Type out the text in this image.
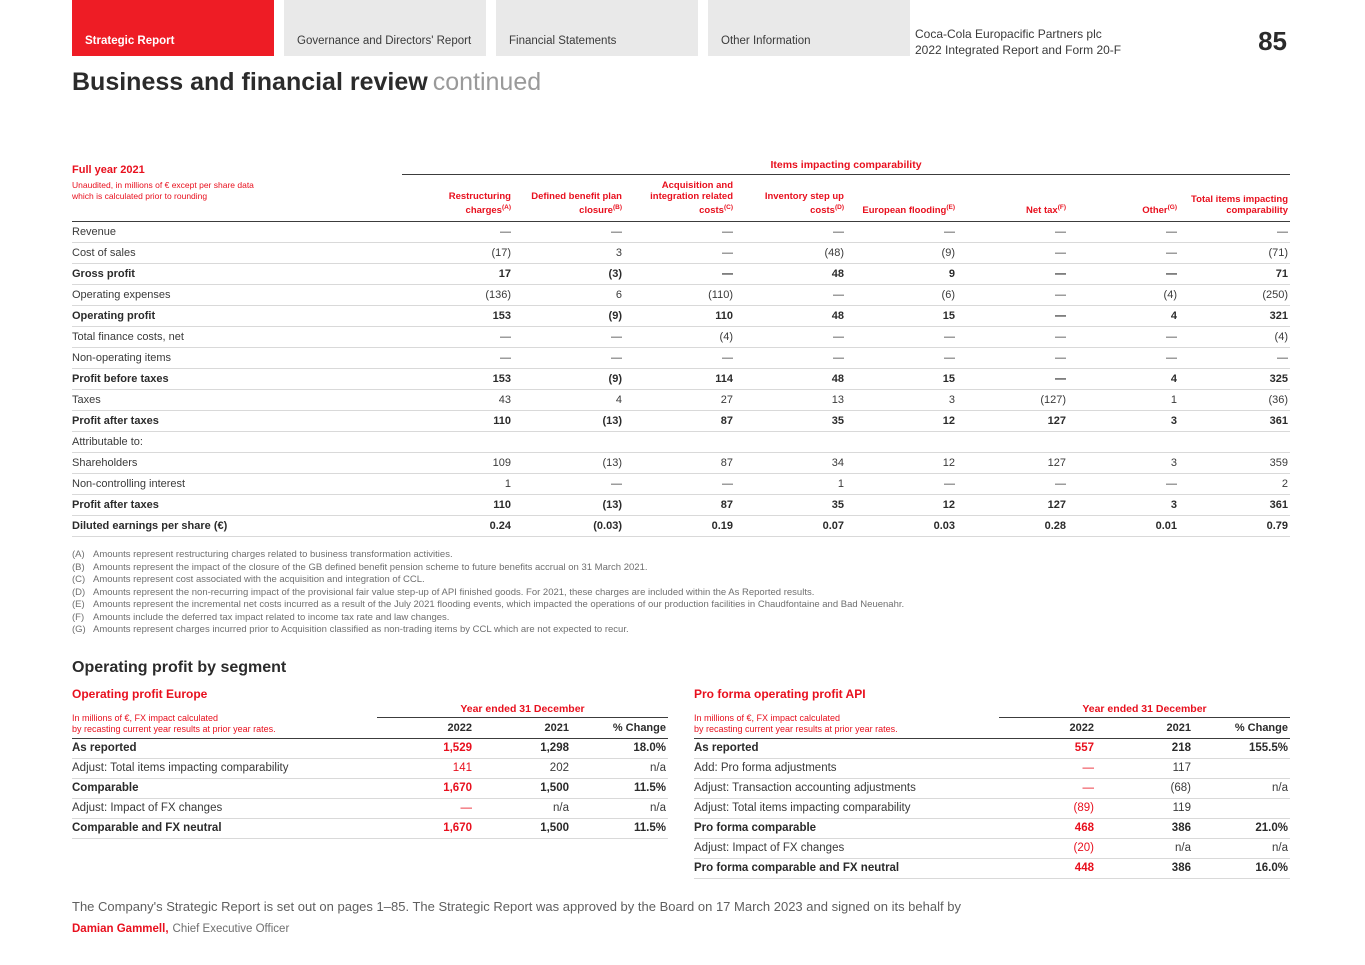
Strategic Report	Governance and Directors' Report	Financial Statements	Other Information	Coca-Cola Europacific Partners plc
2022 Integrated Report and Form 20-F	85
Business and financial review continued
Full year 2021
Unaudited, in millions of € except per share data
which is calculated prior to rounding	Items impacting comparability							
	Restructuring charges$^{(A)}$	Defined benefit plan closure$^{(B)}$	Acquisition and integration related costs$^{(C)}$	Inventory step up costs$^{(D)}$	European flooding$^{(E)}$	Net tax$^{(F)}$	Other$^{(G)}$	Total items impacting comparability
Revenue	—	—	—	—	—	—	—	—
Cost of sales	(17)	3	—	(48)	(9)	—	—	(71)
Gross profit	17	(3)	—	48	9	—	—	71
Operating expenses	(136)	6	(110)	—	(6)	—	(4)	(250)
Operating profit	153	(9)	110	48	15	—	4	321
Total finance costs, net	—	—	(4)	—	—	—	—	(4)
Non-operating items	—	—	—	—	—	—	—	—
Profit before taxes	153	(9)	114	48	15	—	4	325
Taxes	43	4	27	13	3	(127)	1	(36)
Profit after taxes	110	(13)	87	35	12	127	3	361
Attributable to:								
Shareholders	109	(13)	87	34	12	127	3	359
Non-controlling interest	1	—	—	1	—	—	—	2
Profit after taxes	110	(13)	87	35	12	127	3	361
Diluted earnings per share (€)	0.24	(0.03)	0.19	0.07	0.03	0.28	0.01	0.79
(A) Amounts represent restructuring charges related to business transformation activities.
(B) Amounts represent the impact of the closure of the GB defined benefit pension scheme to future benefits accrual on 31 March 2021.
(C) Amounts represent cost associated with the acquisition and integration of CCL.
(D) Amounts represent the non-recurring impact of the provisional fair value step-up of API finished goods. For 2021, these charges are included within the As Reported results.
(E) Amounts represent the incremental net costs incurred as a result of the July 2021 flooding events, which impacted the operations of our production facilities in Chaudfontaine and Bad Neuenahr.
(F) Amounts include the deferred tax impact related to income tax rate and law changes.
(G) Amounts represent charges incurred prior to Acquisition classified as non-trading items by CCL which are not expected to recur.
Operating profit by segment
Operating profit Europe
In millions of €, FX impact calculated
by recasting current year results at prior year rates.	Year ended 31 December		
	2022	2021	% Change
As reported	1,529	1,298	18.0%
Adjust: Total items impacting comparability	141	202	n/a
Comparable	1,670	1,500	11.5%
Adjust: Impact of FX changes	—	n/a	n/a
Comparable and FX neutral	1,670	1,500	11.5%
Pro forma operating profit API
In millions of €, FX impact calculated
by recasting current year results at prior year rates.	Year ended 31 December		
	2022	2021	% Change
As reported	557	218	155.5%
Add: Pro forma adjustments	—	117	
Adjust: Transaction accounting adjustments	—	(68)	n/a
Adjust: Total items impacting comparability	(89)	119	
Pro forma comparable	468	386	21.0%
Adjust: Impact of FX changes	(20)	n/a	n/a
Pro forma comparable and FX neutral	448	386	16.0%

The Company's Strategic Report is set out on pages 1–85. The Strategic Report was approved by the Board on 17 March 2023 and signed on its behalf by

Damian Gammell, Chief Executive Officer
